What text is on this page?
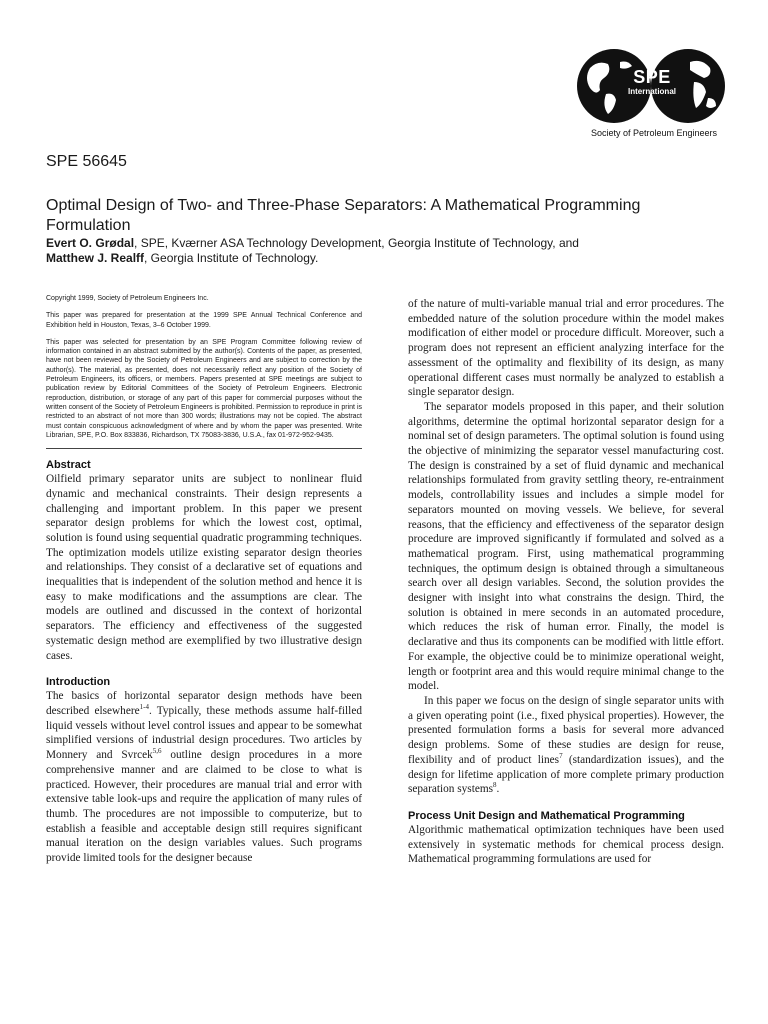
SPE
International
Society of Petroleum Engineers
SPE 56645
Optimal Design of Two- and Three-Phase Separators: A Mathematical Programming Formulation
Evert O. Grødal, SPE, Kværner ASA Technology Development, Georgia Institute of Technology, and
Matthew J. Realff, Georgia Institute of Technology.

Copyright 1999, Society of Petroleum Engineers Inc.

This paper was prepared for presentation at the 1999 SPE Annual Technical Conference and Exhibition held in Houston, Texas, 3–6 October 1999.

This paper was selected for presentation by an SPE Program Committee following review of information contained in an abstract submitted by the author(s). Contents of the paper, as presented, have not been reviewed by the Society of Petroleum Engineers and are subject to correction by the author(s). The material, as presented, does not necessarily reflect any position of the Society of Petroleum Engineers, its officers, or members. Papers presented at SPE meetings are subject to publication review by Editorial Committees of the Society of Petroleum Engineers. Electronic reproduction, distribution, or storage of any part of this paper for commercial purposes without the written consent of the Society of Petroleum Engineers is prohibited. Permission to reproduce in print is restricted to an abstract of not more than 300 words; illustrations may not be copied. The abstract must contain conspicuous acknowledgment of where and by whom the paper was presented. Write Librarian, SPE, P.O. Box 833836, Richardson, TX 75083-3836, U.S.A., fax 01-972-952-9435.

Abstract

Oilfield primary separator units are subject to nonlinear fluid dynamic and mechanical constraints. Their design represents a challenging and important problem. In this paper we present separator design problems for which the lowest cost, optimal, solution is found using sequential quadratic programming techniques. The optimization models utilize existing separator design theories and relationships. They consist of a declarative set of equations and inequalities that is independent of the solution method and hence it is easy to make modifications and the assumptions are clear. The models are outlined and discussed in the context of horizontal separators. The efficiency and effectiveness of the suggested systematic design method are exemplified by two illustrative design cases.

Introduction

The basics of horizontal separator design methods have been described elsewhere$^{1-4}$. Typically, these methods assume half-filled liquid vessels without level control issues and appear to be somewhat simplified versions of industrial design procedures. Two articles by Monnery and Svrcek$^{5,6}$ outline design procedures in a more comprehensive manner and are claimed to be close to what is practiced. However, their procedures are manual trial and error with extensive table look-ups and require the application of many rules of thumb. The procedures are not impossible to computerize, but to establish a feasible and acceptable design still requires significant manual iteration on the design variables values. Such programs provide limited tools for the designer because

of the nature of multi-variable manual trial and error procedures. The embedded nature of the solution procedure within the model makes modification of either model or procedure difficult. Moreover, such a program does not represent an efficient analyzing interface for the assessment of the optimality and flexibility of its design, as many operational different cases must normally be analyzed to establish a single separator design.

The separator models proposed in this paper, and their solution algorithms, determine the optimal horizontal separator design for a nominal set of design parameters. The optimal solution is found using the objective of minimizing the separator vessel manufacturing cost. The design is constrained by a set of fluid dynamic and mechanical relationships formulated from gravity settling theory, re-entrainment models, controllability issues and includes a simple model for separators mounted on moving vessels. We believe, for several reasons, that the efficiency and effectiveness of the separator design procedure are improved significantly if formulated and solved as a mathematical program. First, using mathematical programming techniques, the optimum design is obtained through a simultaneous search over all design variables. Second, the solution provides the designer with insight into what constrains the design. Third, the solution is obtained in mere seconds in an automated procedure, which reduces the risk of human error. Finally, the model is declarative and thus its components can be modified with little effort. For example, the objective could be to minimize operational weight, length or footprint area and this would require minimal change to the model.

In this paper we focus on the design of single separator units with a given operating point (i.e., fixed physical properties). However, the presented formulation forms a basis for several more advanced design problems. Some of these studies are design for reuse, flexibility and of product lines$^7$ (standardization issues), and the design for lifetime application of more complete primary production separation systems$^8$.

Process Unit Design and Mathematical Programming

Algorithmic mathematical optimization techniques have been used extensively in systematic methods for chemical process design. Mathematical programming formulations are used for
